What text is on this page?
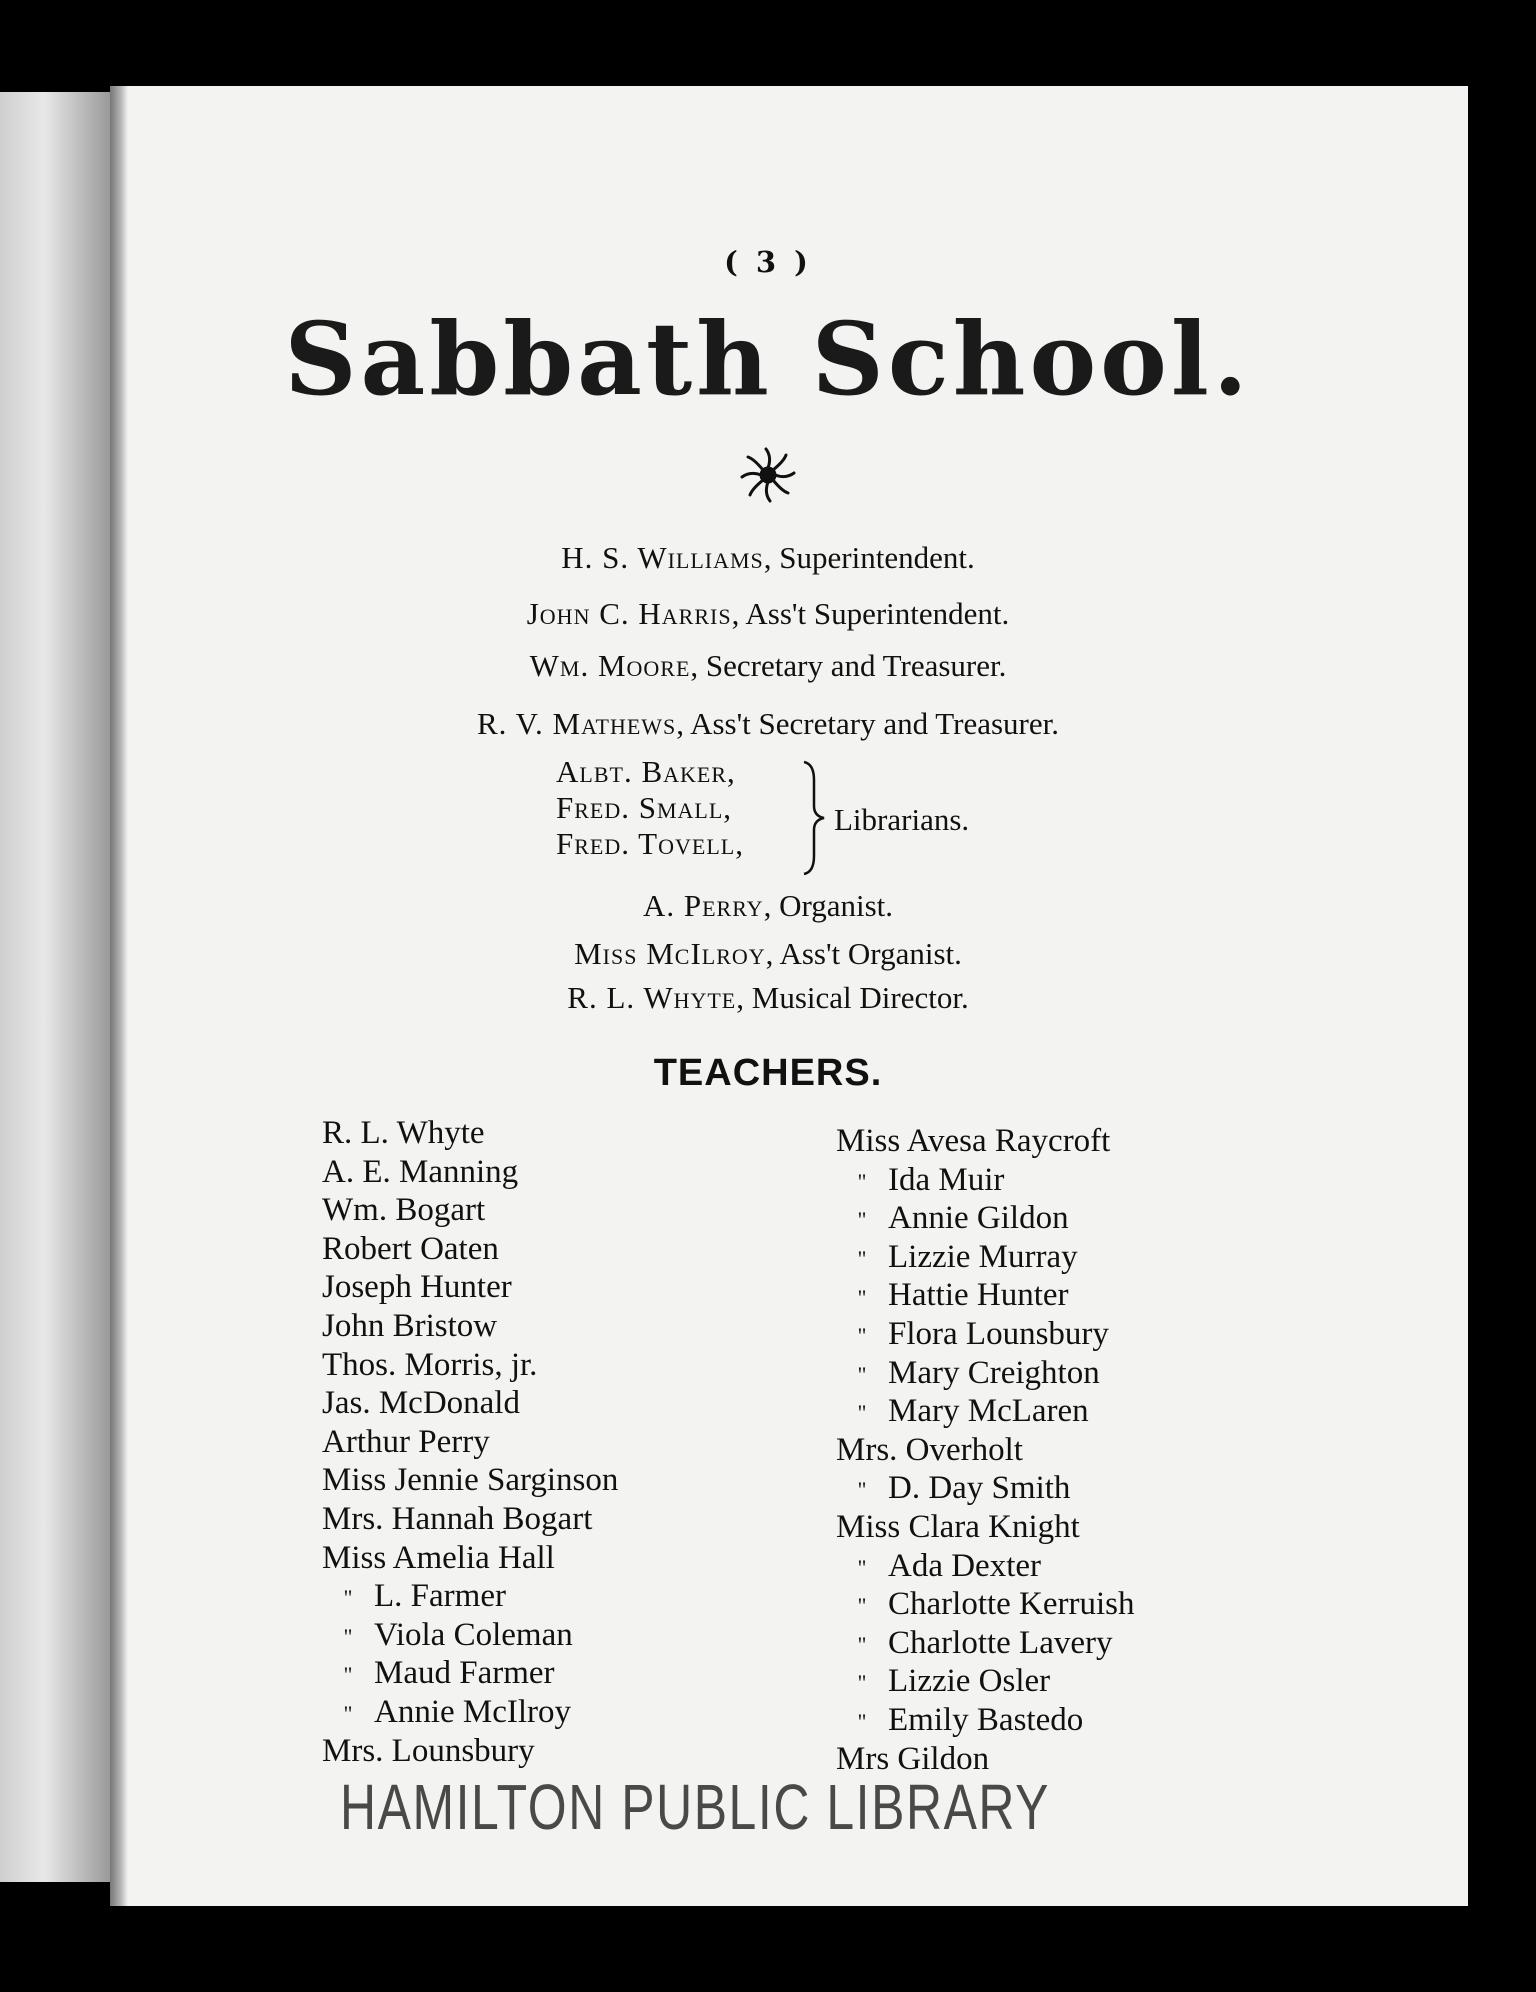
( 3 )
Sabbath School.
H. S. Williams, Superintendent.
John C. Harris, Ass't Superintendent.
Wm. Moore, Secretary and Treasurer.
R. V. Mathews, Ass't Secretary and Treasurer.
A. Perry, Organist.
Miss McIlroy, Ass't Organist.
R. L. Whyte, Musical Director.
Albt. Baker,
Fred. Small,
Fred. Tovell,
Librarians.
TEACHERS.
R. L. Whyte
A. E. Manning
Wm. Bogart
Robert Oaten
Joseph Hunter
John Bristow
Thos. Morris, jr.
Jas. McDonald
Arthur Perry
Miss Jennie Sarginson
Mrs. Hannah Bogart
Miss Amelia Hall
" L. Farmer
" Viola Coleman
" Maud Farmer
" Annie McIlroy
Mrs. Lounsbury
Miss Avesa Raycroft
" Ida Muir
" Annie Gildon
" Lizzie Murray
" Hattie Hunter
" Flora Lounsbury
" Mary Creighton
" Mary McLaren
Mrs. Overholt
" D. Day Smith
Miss Clara Knight
" Ada Dexter
" Charlotte Kerruish
" Charlotte Lavery
" Lizzie Osler
" Emily Bastedo
Mrs Gildon
HAMILTON PUBLIC LIBRARY
